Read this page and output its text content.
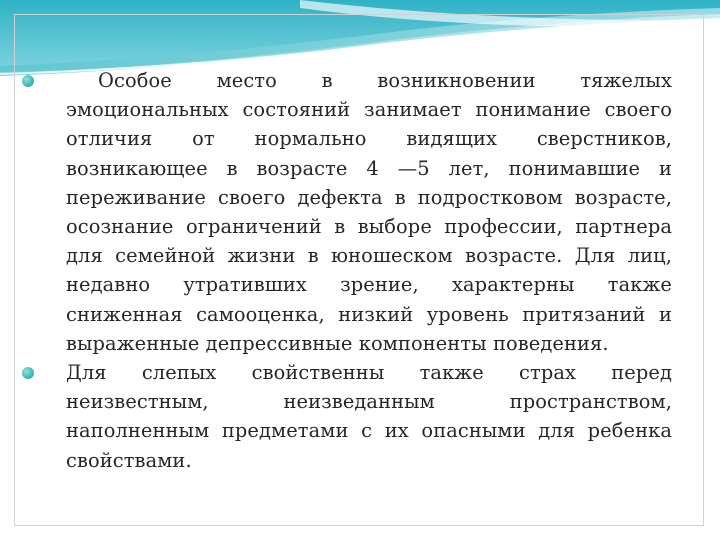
Особое место в возникновении тяжелых эмоциональных состояний занимает понимание своего отличия от нормально видящих сверстников, возникающее в возрасте 4 —5 лет, понимавшие и переживание своего дефекта в подростковом возрасте, осознание ограничений в выборе профессии, партнера для семейной жизни в юношеском возрасте. Для лиц, недавно утративших зрение, характерны также сниженная самооценка, низкий уровень притязаний и выраженные депрессивные компоненты поведения.
Для слепых свойственны также страх перед неизвестным, неизведанным пространством, наполненным предметами с их опасными для ребенка свойствами.
